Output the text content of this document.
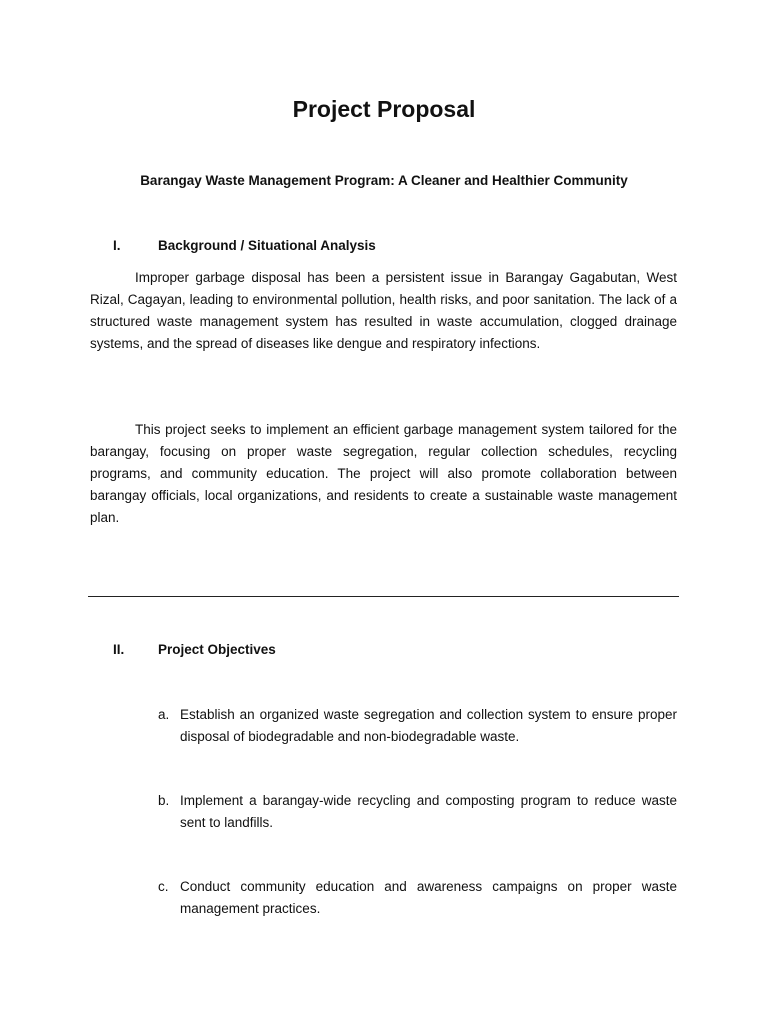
Project Proposal
Barangay Waste Management Program: A Cleaner and Healthier Community
I.	Background / Situational Analysis

Improper garbage disposal has been a persistent issue in Barangay Gagabutan, West Rizal, Cagayan, leading to environmental pollution, health risks, and poor sanitation. The lack of a structured waste management system has resulted in waste accumulation, clogged drainage systems, and the spread of diseases like dengue and respiratory infections.

This project seeks to implement an efficient garbage management system tailored for the barangay, focusing on proper waste segregation, regular collection schedules, recycling programs, and community education. The project will also promote collaboration between barangay officials, local organizations, and residents to create a sustainable waste management plan.

II.	Project Objectives
a. Establish an organized waste segregation and collection system to ensure proper disposal of biodegradable and non-biodegradable waste.
b. Implement a barangay-wide recycling and composting program to reduce waste sent to landfills.
c. Conduct community education and awareness campaigns on proper waste management practices.
